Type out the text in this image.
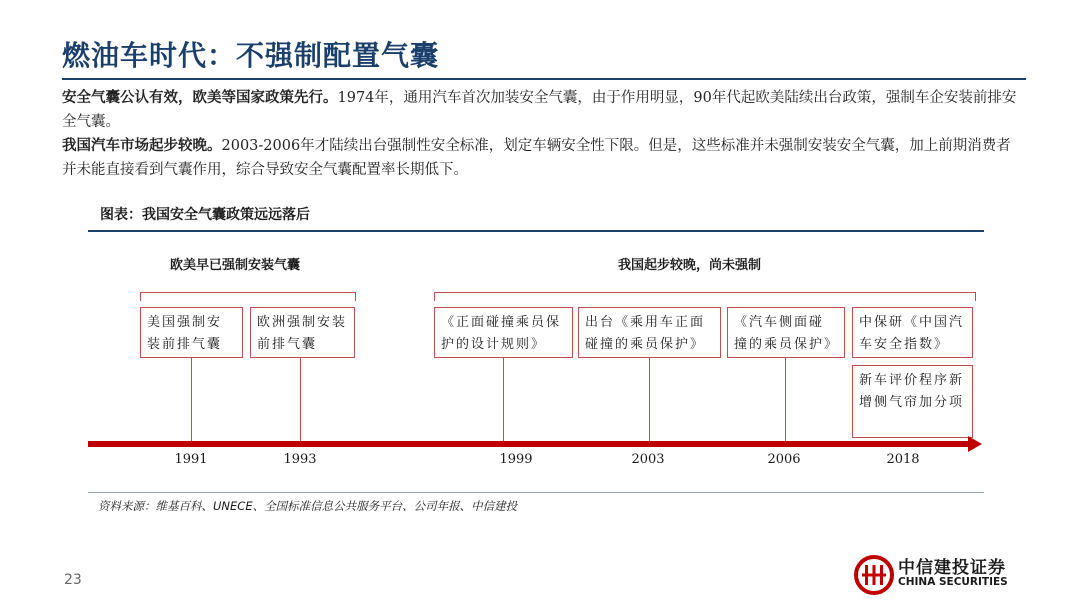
燃油车时代：不强制配置气囊
安全气囊公认有效，欧美等国家政策先行。1974年，通用汽车首次加装安全气囊，由于作用明显，90年代起欧美陆续出台政策，强制车企安装前排安全气囊。
我国汽车市场起步较晚。2003-2006年才陆续出台强制性安全标准，划定车辆安全性下限。但是，这些标准并未强制安装安全气囊，加上前期消费者并未能直接看到气囊作用，综合导致安全气囊配置率长期低下。
图表：我国安全气囊政策远远落后
欧美早已强制安装气囊	我国起步较晚，尚未强制
美国强制安装前排气囊
欧洲强制安装前排气囊
《正面碰撞乘员保护的设计规则》
出台《乘用车正面碰撞的乘员保护》
《汽车侧面碰撞的乘员保护》
中保研《中国汽车安全指数》
新车评价程序新增侧气帘加分项
1991	1993	1999	2003	2006	2018
资料来源：维基百科、UNECE、全国标准信息公共服务平台、公司年报、中信建投
23
中信建投证券
CHINA SECURITIES
